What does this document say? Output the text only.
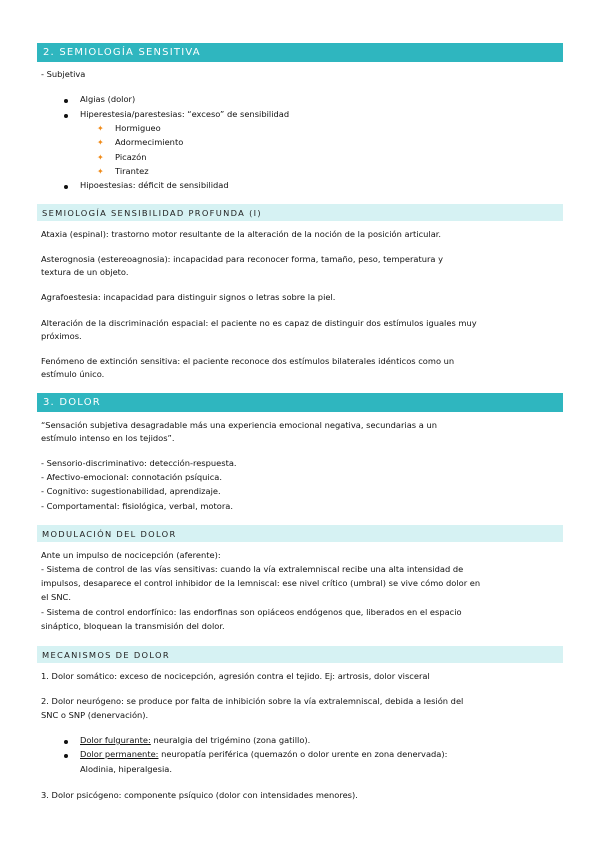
2. SEMIOLOGÍA SENSITIVA
- Subjetiva
Algias (dolor)
Hiperestesia/parestesias: “exceso” de sensibilidad
✦ Hormigueo
✦ Adormecimiento
✦ Picazón
✦ Tirantez
Hipoestesias: déficit de sensibilidad
SEMIOLOGÍA SENSIBILIDAD PROFUNDA (I)
Ataxia (espinal): trastorno motor resultante de la alteración de la noción de la posición articular.
Asterognosia (estereoagnosia): incapacidad para reconocer forma, tamaño, peso, temperatura y
textura de un objeto.
Agrafoestesia: incapacidad para distinguir signos o letras sobre la piel.
Alteración de la discriminación espacial: el paciente no es capaz de distinguir dos estímulos iguales muy
próximos.
Fenómeno de extinción sensitiva: el paciente reconoce dos estímulos bilaterales idénticos como un
estímulo único.
3. DOLOR
“Sensación subjetiva desagradable más una experiencia emocional negativa, secundarias a un
estímulo intenso en los tejidos”.
- Sensorio-discriminativo: detección-respuesta.
- Afectivo-emocional: connotación psíquica.
- Cognitivo: sugestionabilidad, aprendizaje.
- Comportamental: fisiológica, verbal, motora.
MODULACIÓN DEL DOLOR
Ante un impulso de nocicepción (aferente):
- Sistema de control de las vías sensitivas: cuando la vía extralemniscal recibe una alta intensidad de
impulsos, desaparece el control inhibidor de la lemniscal: ese nivel crítico (umbral) se vive cómo dolor en
el SNC.
- Sistema de control endorfínico: las endorfinas son opiáceos endógenos que, liberados en el espacio
sináptico, bloquean la transmisión del dolor.
MECANISMOS DE DOLOR
1. Dolor somático: exceso de nocicepción, agresión contra el tejido. Ej: artrosis, dolor visceral
2. Dolor neurógeno: se produce por falta de inhibición sobre la vía extralemniscal, debida a lesión del
SNC o SNP (denervación).
Dolor fulgurante: neuralgia del trigémino (zona gatillo).
Dolor permanente: neuropatía periférica (quemazón o dolor urente en zona denervada):
Alodinia, hiperalgesia.
3. Dolor psicógeno: componente psíquico (dolor con intensidades menores).
